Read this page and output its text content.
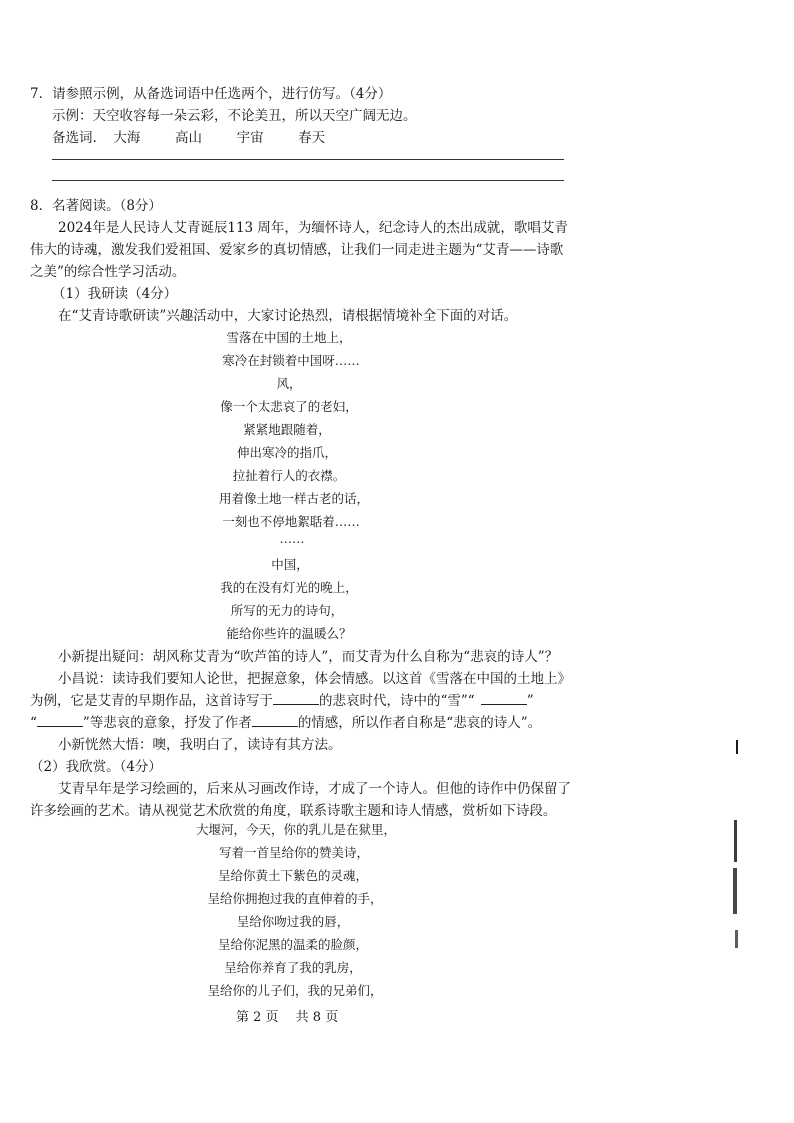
7．请参照示例，从备选词语中任选两个，进行仿写。（4分）
示例：天空收容每一朵云彩，不论美丑，所以天空广阔无边。
备选词. 大海	高山	宇宙	春天
8．名著阅读。（8分）
2024年是人民诗人艾青诞辰113 周年，为缅怀诗人，纪念诗人的杰出成就，歌唱艾青
伟大的诗魂，激发我们爱祖国、爱家乡的真切情感，让我们一同走进主题为“艾青——诗歌
之美”的综合性学习活动。
（1）我研读（4分）
在“艾青诗歌研读”兴趣活动中，大家讨论热烈，请根据情境补全下面的对话。
雪落在中国的土地上，
寒冷在封锁着中国呀……
风，
像一个太悲哀了的老妇，
紧紧地跟随着，
伸出寒冷的指爪，
拉扯着行人的衣襟。
用着像土地一样古老的话，
一刻也不停地絮聒着……
……
中国，
我的在没有灯光的晚上，
所写的无力的诗句，
能给你些许的温暖么？
小新提出疑问：胡风称艾青为“吹芦笛的诗人”，而艾青为什么自称为“悲哀的诗人”？
小昌说：读诗我们要知人论世，把握意象，体会情感。以这首《雪落在中国的土地上》
为例，它是艾青的早期作品，这首诗写于	的悲哀时代，诗中的“雪”“	”
“	”等悲哀的意象，抒发了作者	的情感，所以作者自称是“悲哀的诗人”。
小新恍然大悟：噢，我明白了，读诗有其方法。
（2）我欣赏。（4分）
艾青早年是学习绘画的，后来从习画改作诗，才成了一个诗人。但他的诗作中仍保留了
许多绘画的艺术。请从视觉艺术欣赏的角度，联系诗歌主题和诗人情感，赏析如下诗段。
大堰河，今天，你的乳儿是在狱里，
写着一首呈给你的赞美诗，
呈给你黄土下紫色的灵魂，
呈给你拥抱过我的直伸着的手，
呈给你吻过我的唇，
呈给你泥黑的温柔的脸颜，
呈给你养育了我的乳房，
呈给你的儿子们，我的兄弟们，
第 2 页　 共 8 页
